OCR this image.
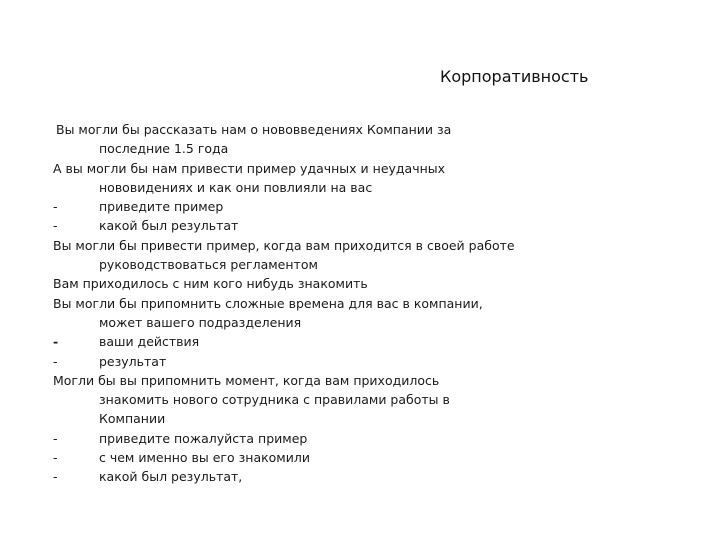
Корпоративность
Вы могли бы рассказать нам о нововведениях Компании за
последние 1.5 года
А вы могли бы нам привести пример удачных и неудачных
нововидениях и как они повлияли на вас
-	приведите пример
-	какой был результат
Вы могли бы привести пример, когда вам приходится в своей работе
руководствоваться регламентом
Вам приходилось с ним кого нибудь знакомить
Вы могли бы припомнить сложные времена для вас в компании,
может вашего подразделения
-	ваши действия
-	результат
Могли бы вы припомнить момент, когда вам приходилось
знакомить нового сотрудника с правилами работы в
Компании
-	приведите пожалуйста пример
-	с чем именно вы его знакомили
-	какой был результат,
